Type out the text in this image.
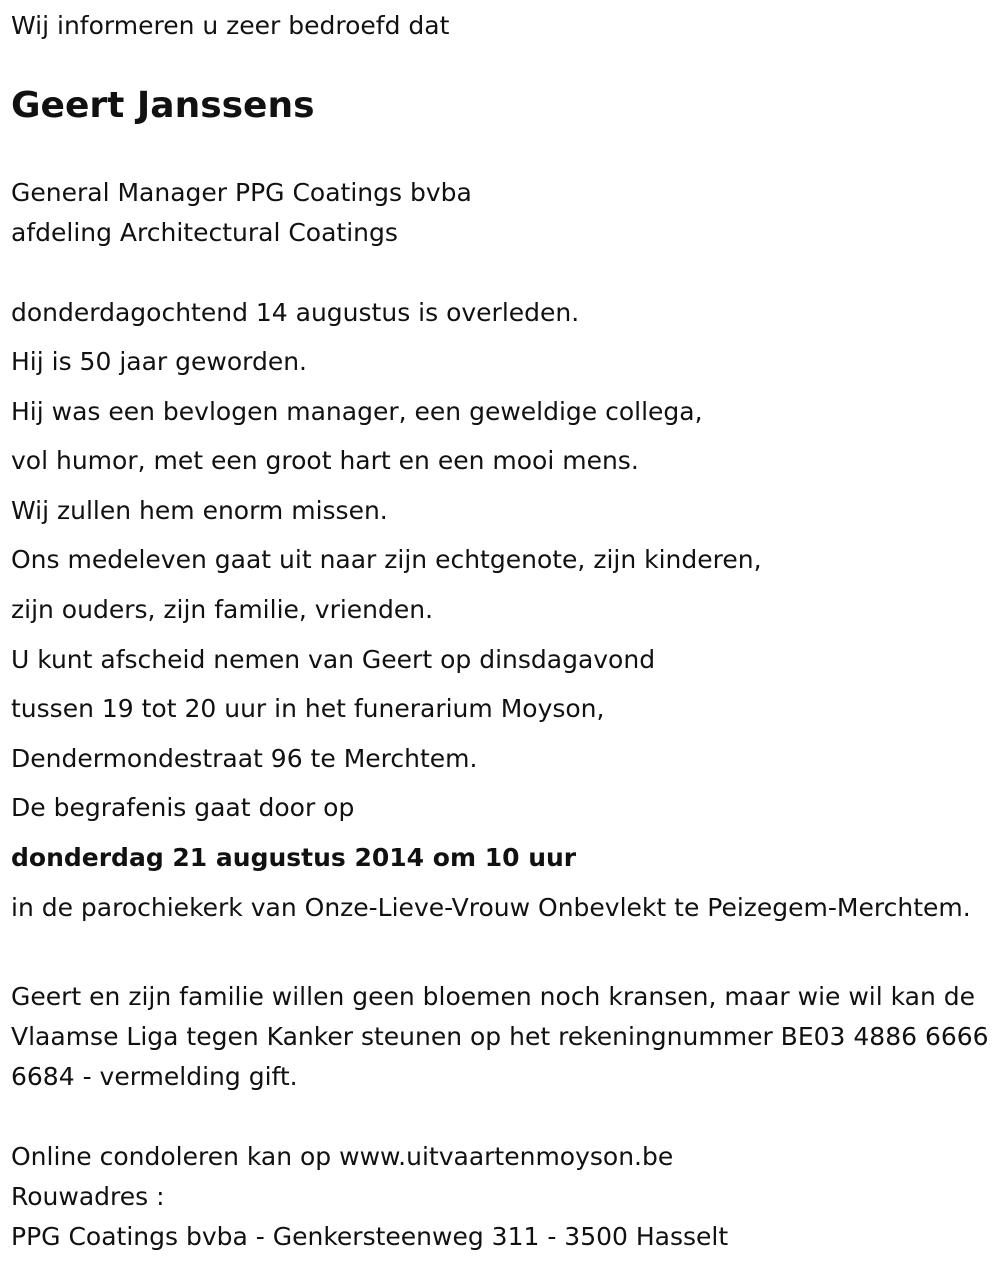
Wij informeren u zeer bedroefd dat

Geert Janssens

General Manager PPG Coatings bvba

afdeling Architectural Coatings

donderdagochtend 14 augustus is overleden.

Hij is 50 jaar geworden.

Hij was een bevlogen manager, een geweldige collega,

vol humor, met een groot hart en een mooi mens.

Wij zullen hem enorm missen.

Ons medeleven gaat uit naar zijn echtgenote, zijn kinderen,

zijn ouders, zijn familie, vrienden.

U kunt afscheid nemen van Geert op dinsdagavond

tussen 19 tot 20 uur in het funerarium Moyson,

Dendermondestraat 96 te Merchtem.

De begrafenis gaat door op

donderdag 21 augustus 2014 om 10 uur

in de parochiekerk van Onze-Lieve-Vrouw Onbevlekt te Peizegem-Merchtem.

Geert en zijn familie willen geen bloemen noch kransen, maar wie wil kan de Vlaamse Liga tegen Kanker steunen op het rekeningnummer BE03 4886 6666 6684 - vermelding gift.

Online condoleren kan op www.uitvaartenmoyson.be

Rouwadres :

PPG Coatings bvba - Genkersteenweg 311 - 3500 Hasselt
